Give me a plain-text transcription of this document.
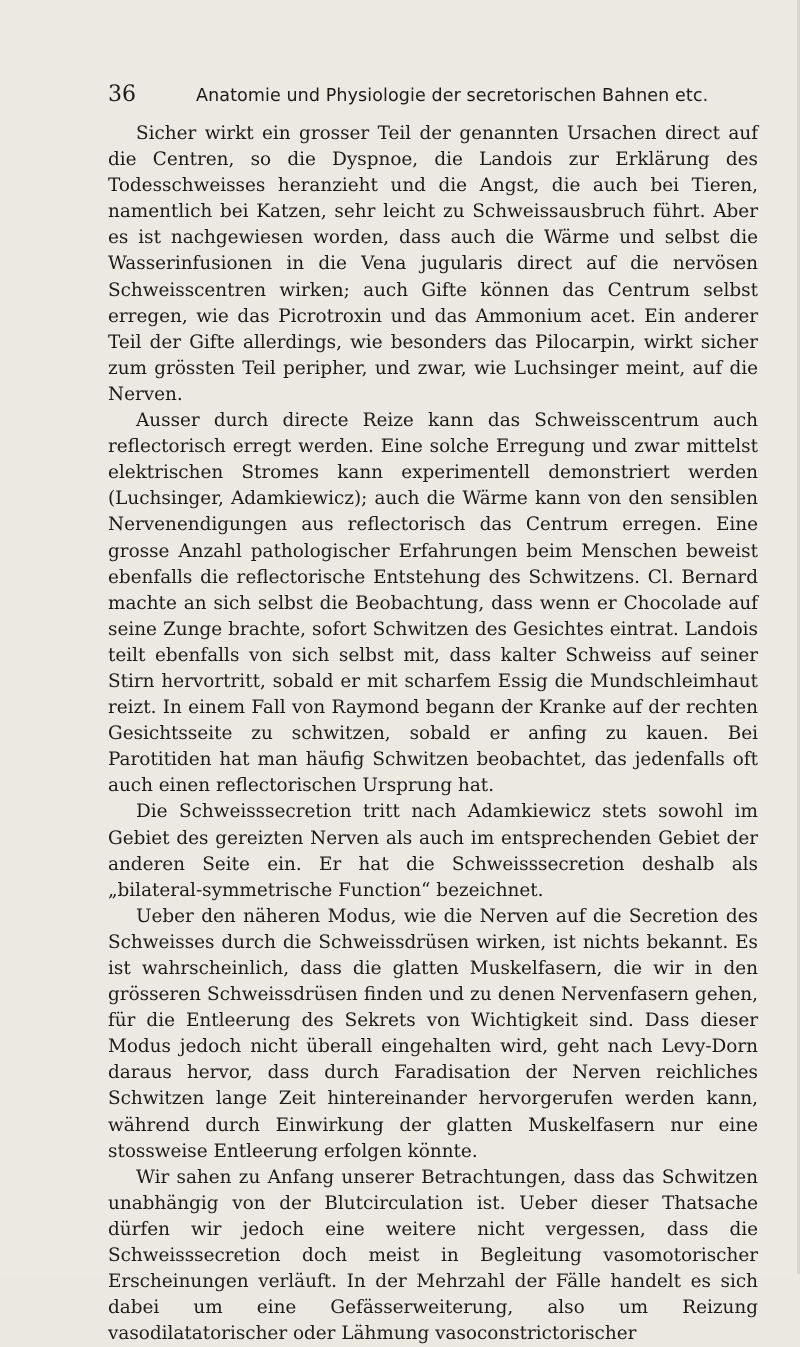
36	Anatomie und Physiologie der secretorischen Bahnen etc.

Sicher wirkt ein grosser Teil der genannten Ursachen direct auf die Centren, so die Dyspnoe, die Landois zur Erklärung des Todesschweisses heranzieht und die Angst, die auch bei Tieren, namentlich bei Katzen, sehr leicht zu Schweissausbruch führt. Aber es ist nachgewiesen worden, dass auch die Wärme und selbst die Wasserinfusionen in die Vena jugularis direct auf die nervösen Schweisscentren wirken; auch Gifte können das Centrum selbst erregen, wie das Picrotroxin und das Ammonium acet. Ein anderer Teil der Gifte allerdings, wie besonders das Pilocarpin, wirkt sicher zum grössten Teil peripher, und zwar, wie Luchsinger meint, auf die Nerven.

Ausser durch directe Reize kann das Schweisscentrum auch reflectorisch erregt werden. Eine solche Erregung und zwar mittelst elektrischen Stromes kann experimentell demonstriert werden (Luchsinger, Adamkiewicz); auch die Wärme kann von den sensiblen Nervenendigungen aus reflectorisch das Centrum erregen. Eine grosse Anzahl pathologischer Erfahrungen beim Menschen beweist ebenfalls die reflectorische Entstehung des Schwitzens. Cl. Bernard machte an sich selbst die Beobachtung, dass wenn er Chocolade auf seine Zunge brachte, sofort Schwitzen des Gesichtes eintrat. Landois teilt ebenfalls von sich selbst mit, dass kalter Schweiss auf seiner Stirn hervortritt, sobald er mit scharfem Essig die Mundschleimhaut reizt. In einem Fall von Raymond begann der Kranke auf der rechten Gesichtsseite zu schwitzen, sobald er anfing zu kauen. Bei Parotitiden hat man häufig Schwitzen beobachtet, das jedenfalls oft auch einen reflectorischen Ursprung hat.

Die Schweisssecretion tritt nach Adamkiewicz stets sowohl im Gebiet des gereizten Nerven als auch im entsprechenden Gebiet der anderen Seite ein. Er hat die Schweisssecretion deshalb als „bilateral-symmetrische Function“ bezeichnet.

Ueber den näheren Modus, wie die Nerven auf die Secretion des Schweisses durch die Schweissdrüsen wirken, ist nichts bekannt. Es ist wahrscheinlich, dass die glatten Muskelfasern, die wir in den grösseren Schweissdrüsen finden und zu denen Nervenfasern gehen, für die Entleerung des Sekrets von Wichtigkeit sind. Dass dieser Modus jedoch nicht überall eingehalten wird, geht nach Levy-Dorn daraus hervor, dass durch Faradisation der Nerven reichliches Schwitzen lange Zeit hintereinander hervorgerufen werden kann, während durch Einwirkung der glatten Muskelfasern nur eine stossweise Entleerung erfolgen könnte.

Wir sahen zu Anfang unserer Betrachtungen, dass das Schwitzen unabhängig von der Blutcirculation ist. Ueber dieser Thatsache dürfen wir jedoch eine weitere nicht vergessen, dass die Schweisssecretion doch meist in Begleitung vasomotorischer Erscheinungen verläuft. In der Mehrzahl der Fälle handelt es sich dabei um eine Gefässerweiterung, also um Reizung vasodilatatorischer oder Lähmung vasoconstrictorischer
